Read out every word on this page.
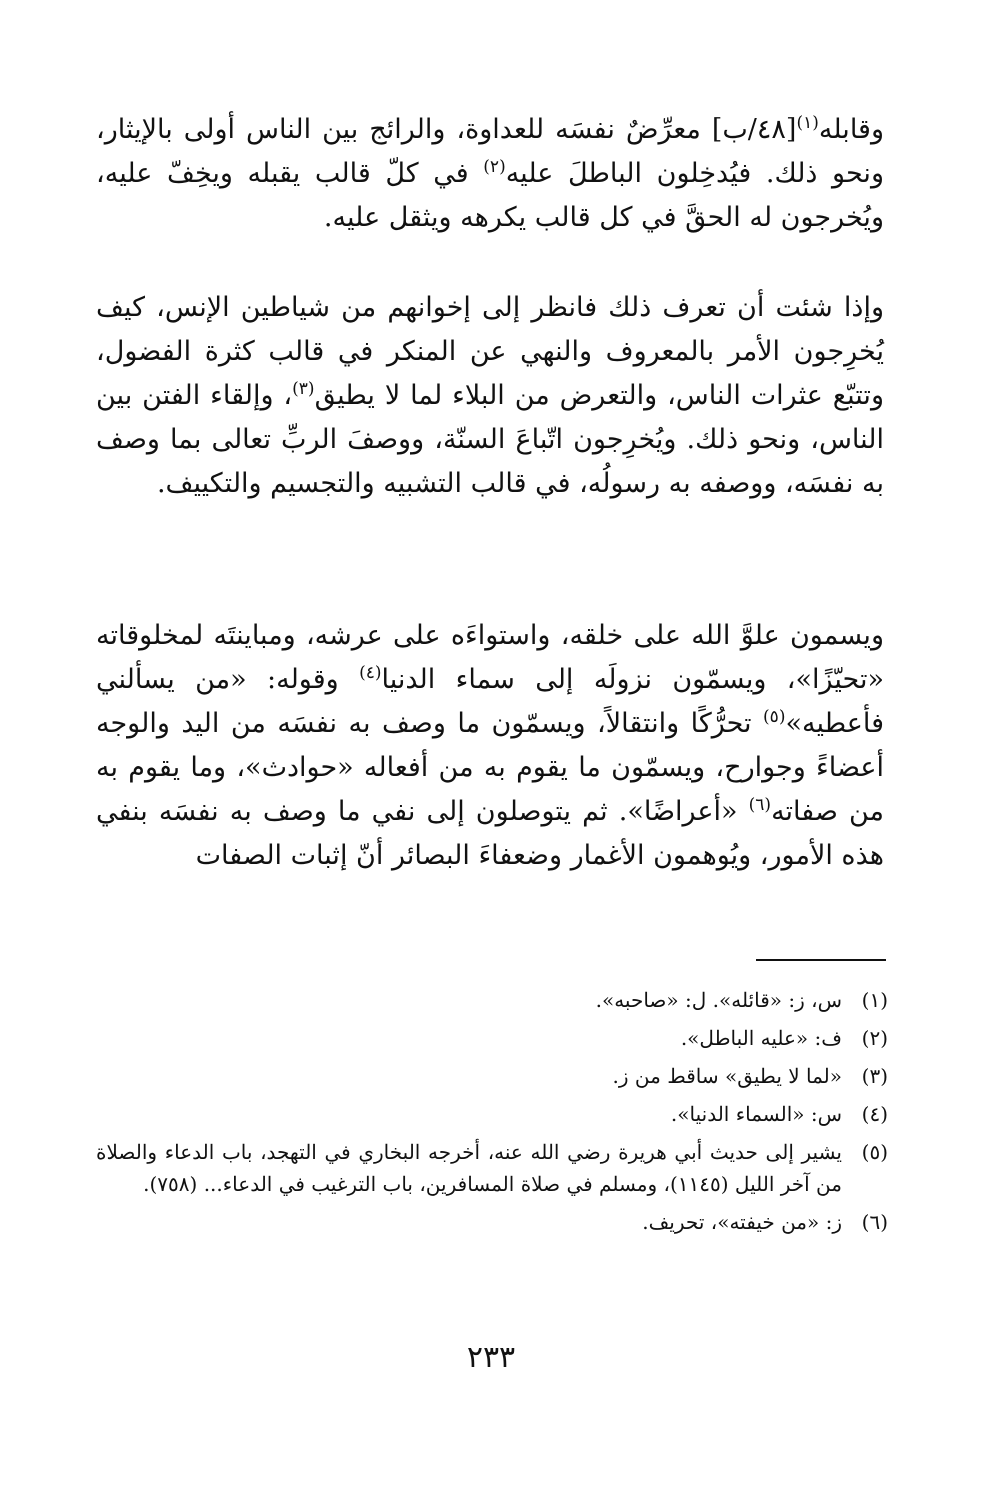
وقابله$^{(١)}$[٤٨/ب] معرِّضٌ نفسَه للعداوة، والرائج بين الناس أولى بالإيثار، ونحو ذلك. فيُدخِلون الباطلَ عليه$^{(٢)}$ في كلّ قالب يقبله ويخِفّ عليه، ويُخرجون له الحقَّ في كل قالب يكرهه ويثقل عليه.

وإذا شئت أن تعرف ذلك فانظر إلى إخوانهم من شياطين الإنس، كيف يُخرِجون الأمر بالمعروف والنهي عن المنكر في قالب كثرة الفضول، وتتبّع عثرات الناس، والتعرض من البلاء لما لا يطيق$^{(٣)}$، وإلقاء الفتن بين الناس، ونحو ذلك. ويُخرِجون اتّباعَ السنّة، ووصفَ الربِّ تعالى بما وصف به نفسَه، ووصفه به رسولُه، في قالب التشبيه والتجسيم والتكييف.

ويسمون علوَّ الله على خلقه، واستواءَه على عرشه، ومباينتَه لمخلوقاته «تحيّزًا»، ويسمّون نزولَه إلى سماء الدنيا$^{(٤)}$ وقوله: «من يسألني فأعطيه»$^{(٥)}$ تحرُّكًا وانتقالاً، ويسمّون ما وصف به نفسَه من اليد والوجه أعضاءً وجوارح، ويسمّون ما يقوم به من أفعاله «حوادث»، وما يقوم به من صفاته$^{(٦)}$ «أعراضًا». ثم يتوصلون إلى نفي ما وصف به نفسَه بنفي هذه الأمور، ويُوهمون الأغمار وضعفاءَ البصائر أنّ إثبات الصفات

(١)
س، ز: «قائله». ل: «صاحبه».
(٢)
ف: «عليه الباطل».
(٣)
«لما لا يطيق» ساقط من ز.
(٤)
س: «السماء الدنيا».
(٥)
يشير إلى حديث أبي هريرة رضي الله عنه، أخرجه البخاري في التهجد، باب الدعاء والصلاة من آخر الليل (١١٤٥)، ومسلم في صلاة المسافرين، باب الترغيب في الدعاء... (٧٥٨).
(٦)
ز: «من خيفته»، تحريف.
٢٣٣
